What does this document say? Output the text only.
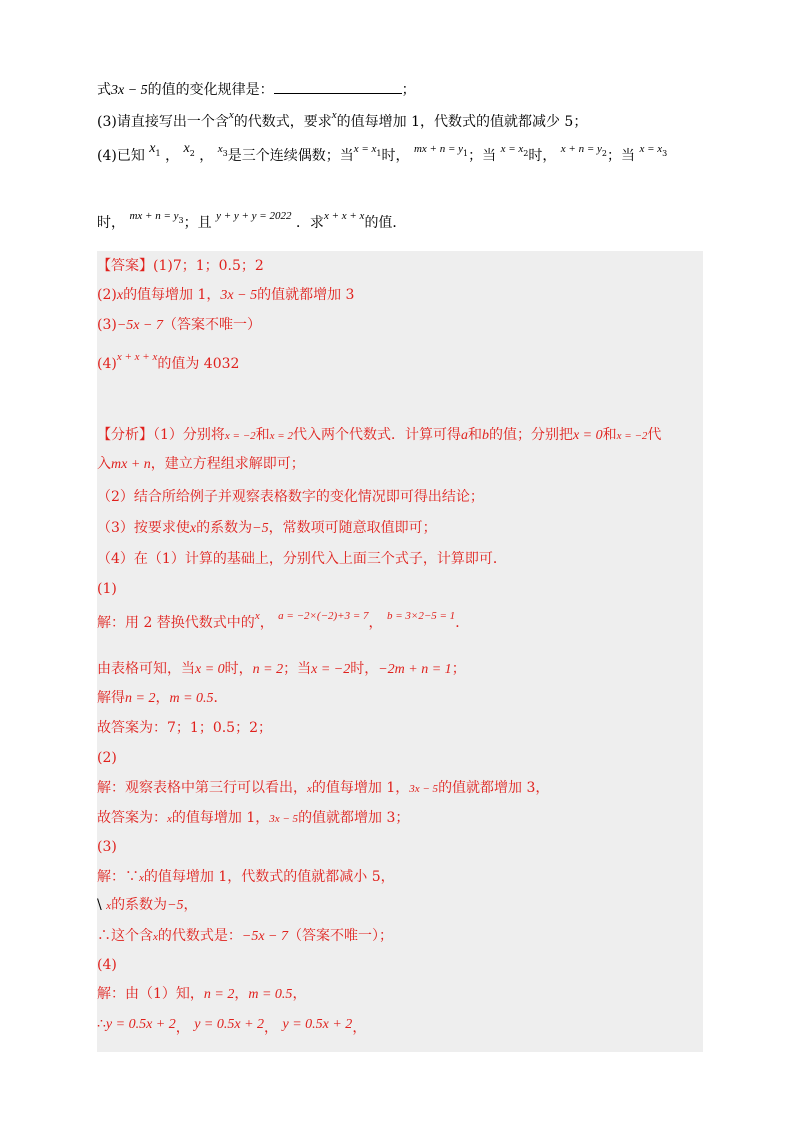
式3x − 5的值的变化规律是：	；
(3)请直接写出一个含$^x$的代数式，要求$^x$的值每增加 1，代数式的值就都减少 5；
(4)已知 $x_1$ ， $x_2$ ， $^x_3$是三个连续偶数；当$^{x = x}_1$时， $^{mx + n = y}_1$；当 $^{x = x}_2$时， $^{x + n = y}_2$；当 $^{x = x}_3$
时， $^{mx + n = y}_3$；且 $^{y + y + y = 2022}$ ．求$^{x + x + x}$的值．
【答案】(1)7；1；0.5；2
(2)x的值每增加 1，3x − 5的值就都增加 3
(3)−5x − 7（答案不唯一）
$(4)^{x + x + x}$的值为 4032
【分析】（1）分别将x = −2和x = 2代入两个代数式．计算可得a和b的值；分别把x = 0和x = −2代
入mx + n，建立方程组求解即可；
（2）结合所给例子并观察表格数字的变化情况即可得出结论；
（3）按要求使x的系数为−5，常数项可随意取值即可；
（4）在（1）计算的基础上，分别代入上面三个式子，计算即可．
(1)
解：用 2 替换代数式中的$^x$， $^{a = -2\times(-2)+3 = 7}$， $^{b = 3\times 2-5 = 1}$．
由表格可知，当x = 0时，n = 2；当x = −2时，−2m + n = 1；
解得n = 2，m = 0.5．
故答案为：7；1；0.5；2；
(2)
解：观察表格中第三行可以看出，x的值每增加 1，3x − 5的值就都增加 3，
故答案为：x的值每增加 1，3x − 5的值就都增加 3；
(3)
解：∵x的值每增加 1，代数式的值就都减小 5，
\ x的系数为−5，
∴这个含x的代数式是：−5x − 7（答案不唯一）；
(4)
解：由（1）知，n = 2，m = 0.5，
∴y = 0.5x + 2， y = 0.5x + 2， y = 0.5x + 2，
